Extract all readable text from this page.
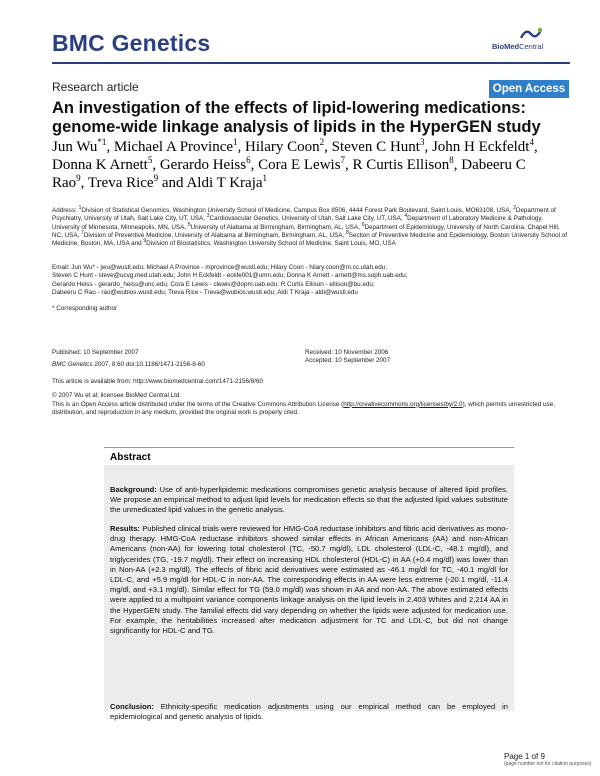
BMC Genetics	BioMedCentral
Research article	Open Access
An investigation of the effects of lipid-lowering medications: genome-wide linkage analysis of lipids in the HyperGEN study
Jun Wu$^{*1}$, Michael A Province$^1$, Hilary Coon$^2$, Steven C Hunt$^3$, John H Eckfeldt$^4$, Donna K Arnett$^5$, Gerardo Heiss$^6$, Cora E Lewis$^7$, R Curtis Ellison$^8$, Dabeeru C Rao$^9$, Treva Rice$^9$ and Aldi T Kraja$^1$
Address: $^1$Division of Statistical Genomics, Washington University School of Medicine, Campus Box 8506, 4444 Forest Park Boulevard, Saint Louis, MO63108, USA, $^2$Department of Psychiatry, University of Utah, Salt Lake City, UT, USA, $^3$Cardiovascular Genetics, University of Utah, Salt Lake City, UT, USA, $^4$Department of Laboratory Medicine & Pathology, University of Minnesota, Minneapolis, MN, USA, $^5$University of Alabama at Birmingham, Birmingham, AL, USA, $^6$Department of Epidemiology, University of North Carolina, Chapel Hill, NC, USA, $^7$Division of Preventive Medicine, University of Alabama at Birmingham, Birmingham, AL, USA, $^8$Section of Preventive Medicine and Epidemiology, Boston University School of Medicine, Boston, MA, USA and $^9$Division of Biostatistics, Washington University School of Medicine, Saint Louis, MO, USA
Email: Jun Wu* - jwu@wustl.edu; Michael A Province - mprovince@wustl.edu; Hilary Coon - hilary.coon@m.cc.utah.edu;
Steven C Hunt - steve@ucvg.med.utah.edu; John H Eckfeldt - eckfe001@umn.edu; Donna K Arnett - arnett@ms.soph.uab.edu;
Gerardo Heiss - gerardo_heiss@unc.edu; Cora E Lewis - clewis@dopm.uab.edu; R Curtis Ellison - ellison@bu.edu;
Dabeeru C Rao - rao@wubios.wustl.edu; Treva Rice - Treva@wubios.wustl.edu; Aldi T Kraja - aldi@wustl.edu
* Corresponding author
Published: 10 September 2007
BMC Genetics 2007, 8:60 doi:10.1186/1471-2156-8-60
Received: 10 November 2006
Accepted: 10 September 2007
This article is available from: http://www.biomedcentral.com/1471-2156/8/60
© 2007 Wu et al; licensee BioMed Central Ltd.
This is an Open Access article distributed under the terms of the Creative Commons Attribution License (http://creativecommons.org/licenses/by/2.0), which permits unrestricted use, distribution, and reproduction in any medium, provided the original work is properly cited.
Abstract
Background: Use of anti-hyperlipidemic medications compromises genetic analysis because of altered lipid profiles. We propose an empirical method to adjust lipid levels for medication effects so that the adjusted lipid values substitute the unmedicated lipid values in the genetic analysis.
Results: Published clinical trials were reviewed for HMG-CoA reductase inhibitors and fibric acid derivatives as mono-drug therapy. HMG-CoA reductase inhibitors showed similar effects in African Americans (AA) and non-African Americans (non-AA) for lowering total cholesterol (TC, -50.7 mg/dl), LDL cholesterol (LDL-C, -48.1 mg/dl), and triglycerides (TG, -19.7 mg/dl). Their effect on increasing HDL cholesterol (HDL-C) in AA (+0.4 mg/dl) was lower than in Non-AA (+2.3 mg/dl). The effects of fibric acid derivatives were estimated as -46.1 mg/dl for TC, -40.1 mg/dl for LDL-C, and +5.9 mg/dl for HDL-C in non-AA. The corresponding effects in AA were less extreme (-20.1 mg/dl, -11.4 mg/dl, and +3.1 mg/dl). Similar effect for TG (59.0 mg/dl) was shown in AA and non-AA. The above estimated effects were applied to a multipoint variance components linkage analysis on the lipid levels in 2,403 Whites and 2,214 AA in the HyperGEN study. The familial effects did vary depending on whether the lipids were adjusted for medication use. For example, the heritabilities increased after medication adjustment for TC and LDL-C, but did not change significantly for HDL-C and TG.
Conclusion: Ethnicity-specific medication adjustments using our empirical method can be employed in epidemiological and genetic analysis of lipids.
Page 1 of 9
(page number not for citation purposes)
